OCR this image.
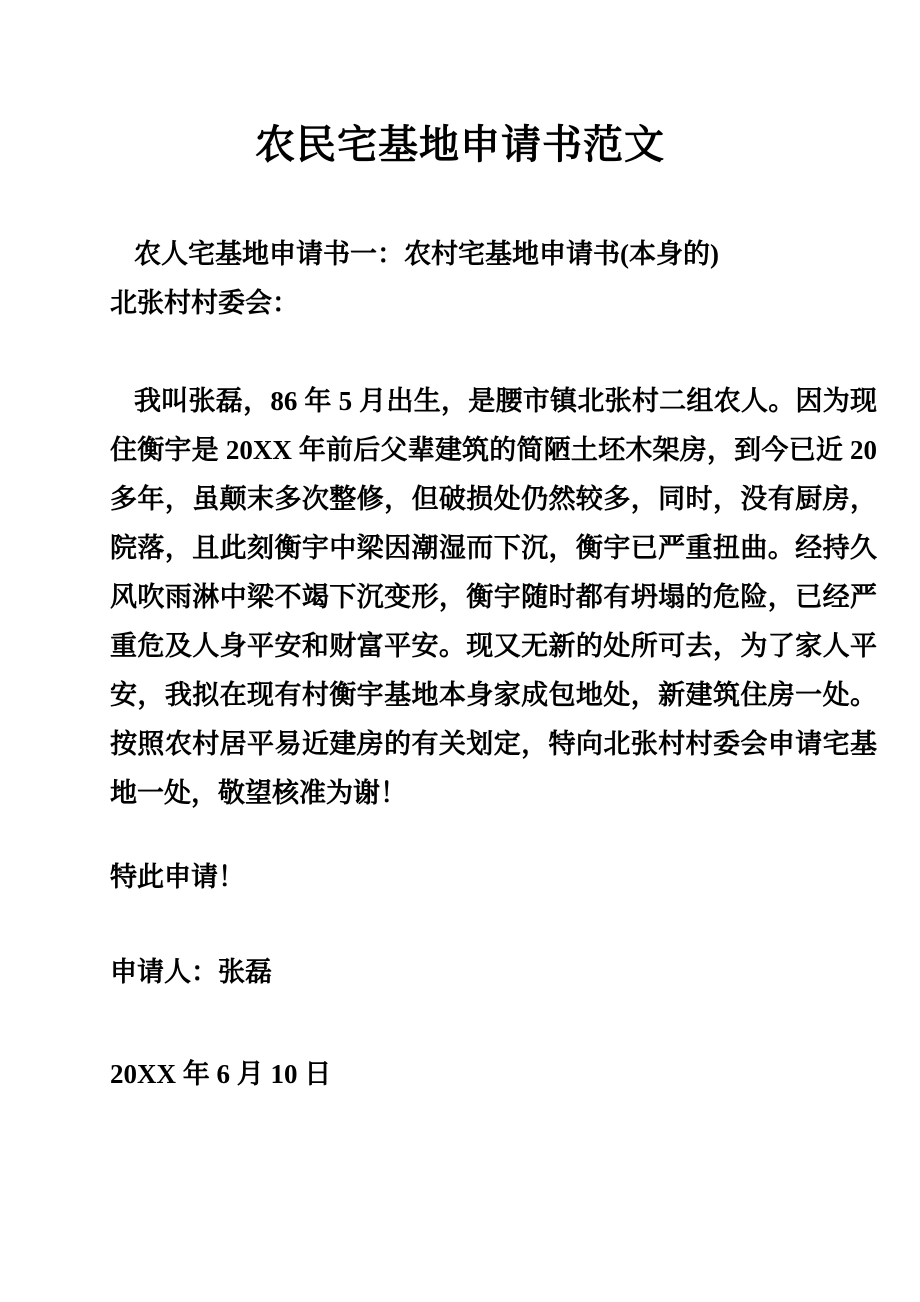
农民宅基地申请书范文

农人宅基地申请书一：农村宅基地申请书(本身的)

北张村村委会：

我叫张磊，86 年 5 月出生，是腰市镇北张村二组农人。因为现住衡宇是 20XX 年前后父辈建筑的简陋土坯木架房，到今已近 20 多年，虽颠末多次整修，但破损处仍然较多，同时，没有厨房，院落，且此刻衡宇中梁因潮湿而下沉，衡宇已严重扭曲。经持久风吹雨淋中梁不竭下沉变形，衡宇随时都有坍塌的危险，已经严重危及人身平安和财富平安。现又无新的处所可去，为了家人平安，我拟在现有村衡宇基地本身家成包地处，新建筑住房一处。按照农村居平易近建房的有关划定，特向北张村村委会申请宅基地一处，敬望核准为谢！

特此申请！

申请人：张磊

20XX 年 6 月 10 日
